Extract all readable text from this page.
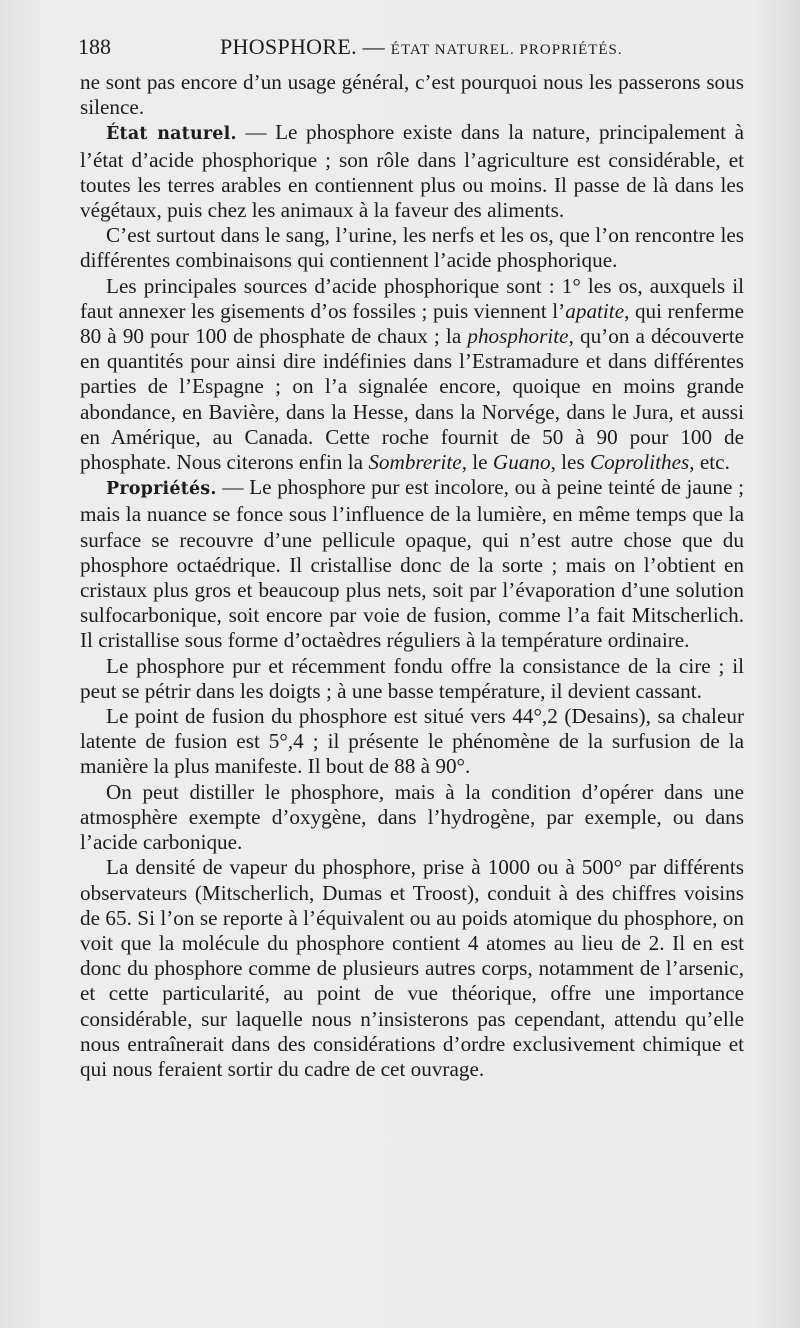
188	PHOSPHORE. — ÉTAT NATUREL. PROPRIÉTÉS.

ne sont pas encore d’un usage général, c’est pourquoi nous les passerons sous silence.

État naturel. — Le phosphore existe dans la nature, principalement à l’état d’acide phosphorique ; son rôle dans l’agriculture est considérable, et toutes les terres arables en contiennent plus ou moins. Il passe de là dans les végétaux, puis chez les animaux à la faveur des aliments.

C’est surtout dans le sang, l’urine, les nerfs et les os, que l’on rencontre les différentes combinaisons qui contiennent l’acide phosphorique.

Les principales sources d’acide phosphorique sont : 1° les os, auxquels il faut annexer les gisements d’os fossiles ; puis viennent l’apatite, qui renferme 80 à 90 pour 100 de phosphate de chaux ; la phosphorite, qu’on a découverte en quantités pour ainsi dire indéfinies dans l’Estramadure et dans différentes parties de l’Espagne ; on l’a signalée encore, quoique en moins grande abondance, en Bavière, dans la Hesse, dans la Norvége, dans le Jura, et aussi en Amérique, au Canada. Cette roche fournit de 50 à 90 pour 100 de phosphate. Nous citerons enfin la Sombrerite, le Guano, les Coprolithes, etc.

Propriétés. — Le phosphore pur est incolore, ou à peine teinté de jaune ; mais la nuance se fonce sous l’influence de la lumière, en même temps que la surface se recouvre d’une pellicule opaque, qui n’est autre chose que du phosphore octaédrique. Il cristallise donc de la sorte ; mais on l’obtient en cristaux plus gros et beaucoup plus nets, soit par l’évaporation d’une solution sulfocarbonique, soit encore par voie de fusion, comme l’a fait Mitscherlich. Il cristallise sous forme d’octaèdres réguliers à la température ordinaire.

Le phosphore pur et récemment fondu offre la consistance de la cire ; il peut se pétrir dans les doigts ; à une basse température, il devient cassant.

Le point de fusion du phosphore est situé vers 44°,2 (Desains), sa chaleur latente de fusion est 5°,4 ; il présente le phénomène de la surfusion de la manière la plus manifeste. Il bout de 88 à 90°.

On peut distiller le phosphore, mais à la condition d’opérer dans une atmosphère exempte d’oxygène, dans l’hydrogène, par exemple, ou dans l’acide carbonique.

La densité de vapeur du phosphore, prise à 1000 ou à 500° par différents observateurs (Mitscherlich, Dumas et Troost), conduit à des chiffres voisins de 65. Si l’on se reporte à l’équivalent ou au poids atomique du phosphore, on voit que la molécule du phosphore contient 4 atomes au lieu de 2. Il en est donc du phosphore comme de plusieurs autres corps, notamment de l’arsenic, et cette particularité, au point de vue théorique, offre une importance considérable, sur laquelle nous n’insisterons pas cependant, attendu qu’elle nous entraînerait dans des considérations d’ordre exclusivement chimique et qui nous feraient sortir du cadre de cet ouvrage.
